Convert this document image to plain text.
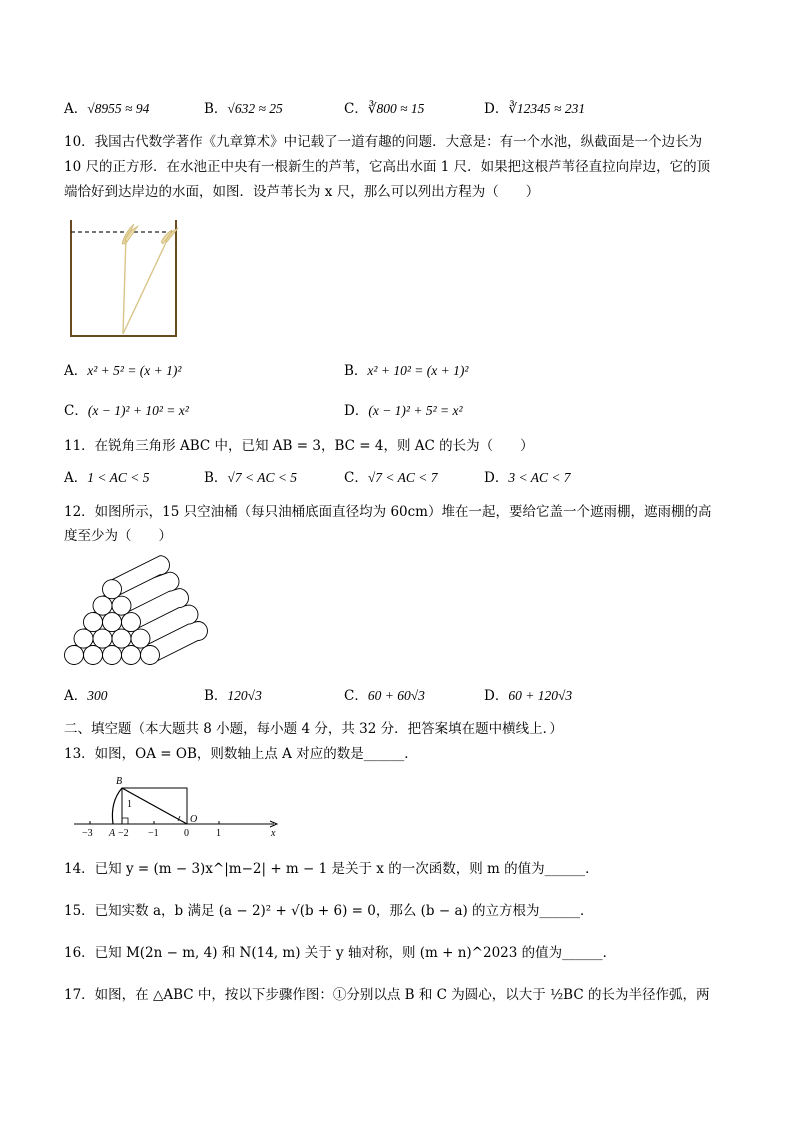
A．√8955 ≈ 94	B．√632 ≈ 25	C．∛800 ≈ 15	D．∛12345 ≈ 231
10．我国古代数学著作《九章算术》中记载了一道有趣的问题．大意是：有一个水池，纵截面是一个边长为
10 尺的正方形．在水池正中央有一根新生的芦苇，它高出水面 1 尺．如果把这根芦苇径直拉向岸边，它的顶
端恰好到达岸边的水面，如图．设芦苇长为 x 尺，那么可以列出方程为（　　）
A．x² + 5² = (x + 1)²	B．x² + 10² = (x + 1)²
C．(x − 1)² + 10² = x²	D．(x − 1)² + 5² = x²
11．在锐角三角形 ABC 中，已知 AB = 3，BC = 4，则 AC 的长为（　　）
A．1 < AC < 5	B．√7 < AC < 5	C．√7 < AC < 7	D．3 < AC < 7
12．如图所示，15 只空油桶（每只油桶底面直径均为 60cm）堆在一起，要给它盖一个遮雨棚，遮雨棚的高
度至少为（　　）
A．300	B．120√3	C．60 + 60√3	D．60 + 120√3
二、填空题（本大题共 8 小题，每小题 4 分，共 32 分．把答案填在题中横线上．）
13．如图，OA = OB，则数轴上点 A 对应的数是______．
B
1
O
x
−3 A −2 −1	0	1
14．已知 y = (m − 3)x^|m−2| + m − 1 是关于 x 的一次函数，则 m 的值为______．
15．已知实数 a，b 满足 (a − 2)² + √(b + 6) = 0，那么 (b − a) 的立方根为______．
16．已知 M(2n − m, 4) 和 N(14, m) 关于 y 轴对称，则 (m + n)^2023 的值为______．
17．如图，在 △ABC 中，按以下步骤作图：①分别以点 B 和 C 为圆心，以大于 ½BC 的长为半径作弧，两
